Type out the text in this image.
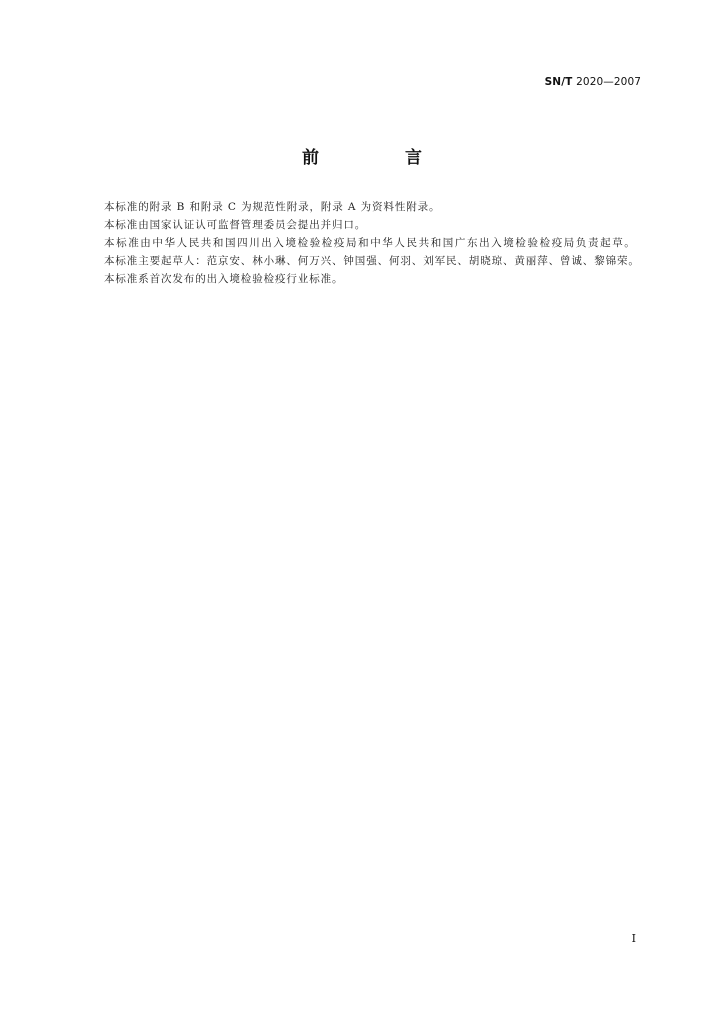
SN/T 2020—2007
前 言

本标准的附录 B 和附录 C 为规范性附录，附录 A 为资料性附录。

本标准由国家认证认可监督管理委员会提出并归口。

本标准由中华人民共和国四川出入境检验检疫局和中华人民共和国广东出入境检验检疫局负责起草。

本标准主要起草人：范京安、林小琳、何万兴、钟国强、何羽、刘军民、胡晓琼、黄丽萍、曾诚、黎锦荣。

本标准系首次发布的出入境检验检疫行业标准。

I
